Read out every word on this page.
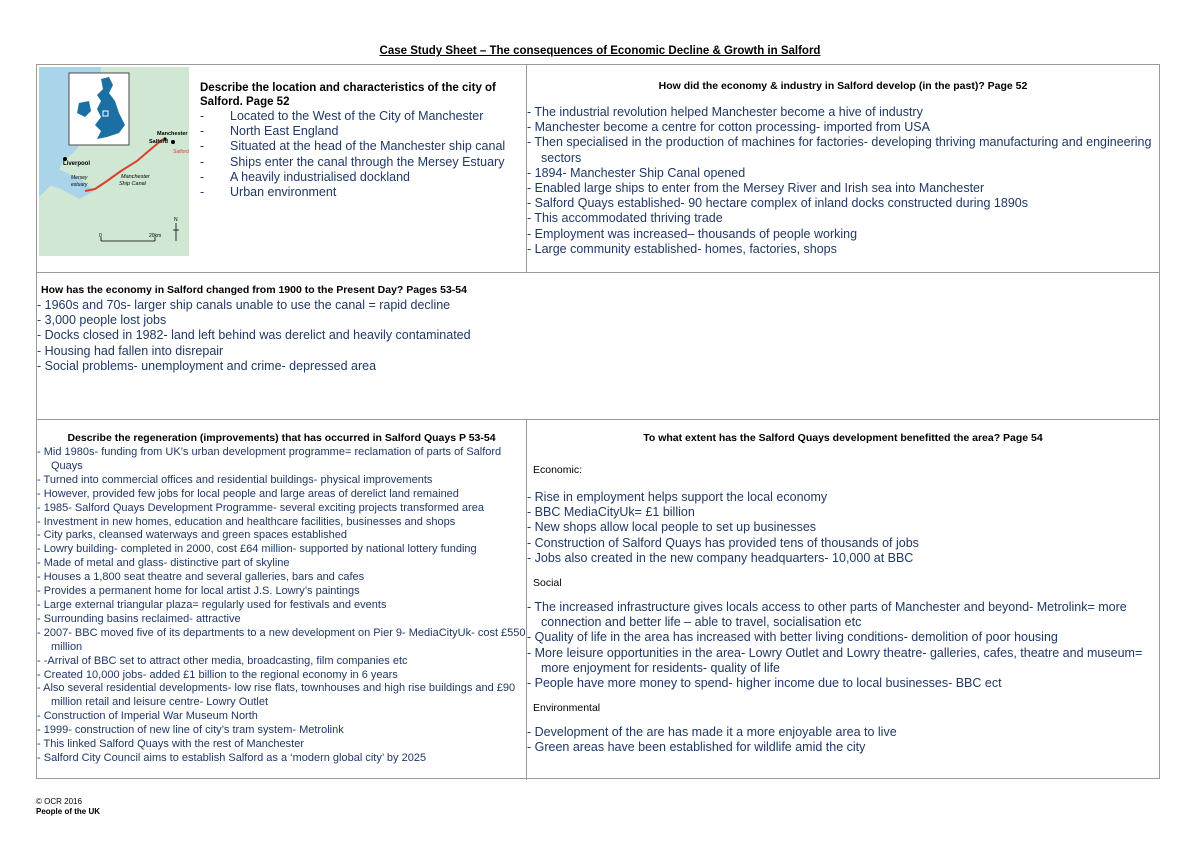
Case Study Sheet – The consequences of Economic Decline & Growth in Salford
Liverpool
Manchester
Salford
Salford
Mersey
estuary
Manchester
Ship Canal
N
0	20km
Describe the location and characteristics of the city of Salford. Page 52
- Located to the West of the City of Manchester
- North East England
- Situated at the head of the Manchester ship canal
- Ships enter the canal through the Mersey Estuary
- A heavily industrialised dockland
- Urban environment
How did the economy & industry in Salford develop (in the past)? Page 52
- The industrial revolution helped Manchester become a hive of industry
- Manchester become a centre for cotton processing- imported from USA
- Then specialised in the production of machines for factories- developing thriving manufacturing and engineering sectors
- 1894- Manchester Ship Canal opened
- Enabled large ships to enter from the Mersey River and Irish sea into Manchester
- Salford Quays established- 90 hectare complex of inland docks constructed during 1890s
- This accommodated thriving trade
- Employment was increased– thousands of people working
- Large community established- homes, factories, shops
How has the economy in Salford changed from 1900 to the Present Day? Pages 53-54
- 1960s and 70s- larger ship canals unable to use the canal = rapid decline
- 3,000 people lost jobs
- Docks closed in 1982- land left behind was derelict and heavily contaminated
- Housing had fallen into disrepair
- Social problems- unemployment and crime- depressed area
Describe the regeneration (improvements) that has occurred in Salford Quays P 53-54
- Mid 1980s- funding from UK’s urban development programme= reclamation of parts of Salford Quays
- Turned into commercial offices and residential buildings- physical improvements
- However, provided few jobs for local people and large areas of derelict land remained
- 1985- Salford Quays Development Programme- several exciting projects transformed area
- Investment in new homes, education and healthcare facilities, businesses and shops
- City parks, cleansed waterways and green spaces established
- Lowry building- completed in 2000, cost £64 million- supported by national lottery funding
- Made of metal and glass- distinctive part of skyline
- Houses a 1,800 seat theatre and several galleries, bars and cafes
- Provides a permanent home for local artist J.S. Lowry’s paintings
- Large external triangular plaza= regularly used for festivals and events
- Surrounding basins reclaimed- attractive
- 2007- BBC moved five of its departments to a new development on Pier 9- MediaCityUk- cost £550 million
- -Arrival of BBC set to attract other media, broadcasting, film companies etc
- Created 10,000 jobs- added £1 billion to the regional economy in 6 years
- Also several residential developments- low rise flats, townhouses and high rise buildings and £90 million retail and leisure centre- Lowry Outlet
- Construction of Imperial War Museum North
- 1999- construction of new line of city’s tram system- Metrolink
- This linked Salford Quays with the rest of Manchester
- Salford City Council aims to establish Salford as a ‘modern global city’ by 2025
To what extent has the Salford Quays development benefitted the area? Page 54

Economic:

- Rise in employment helps support the local economy
- BBC MediaCityUk= £1 billion
- New shops allow local people to set up businesses
- Construction of Salford Quays has provided tens of thousands of jobs
- Jobs also created in the new company headquarters- 10,000 at BBC

Social

- The increased infrastructure gives locals access to other parts of Manchester and beyond- Metrolink= more connection and better life – able to travel, socialisation etc
- Quality of life in the area has increased with better living conditions- demolition of poor housing
- More leisure opportunities in the area- Lowry Outlet and Lowry theatre- galleries, cafes, theatre and museum= more enjoyment for residents- quality of life
- People have more money to spend- higher income due to local businesses- BBC ect

Environmental

- Development of the are has made it a more enjoyable area to live
- Green areas have been established for wildlife amid the city
© OCR 2016
People of the UK
